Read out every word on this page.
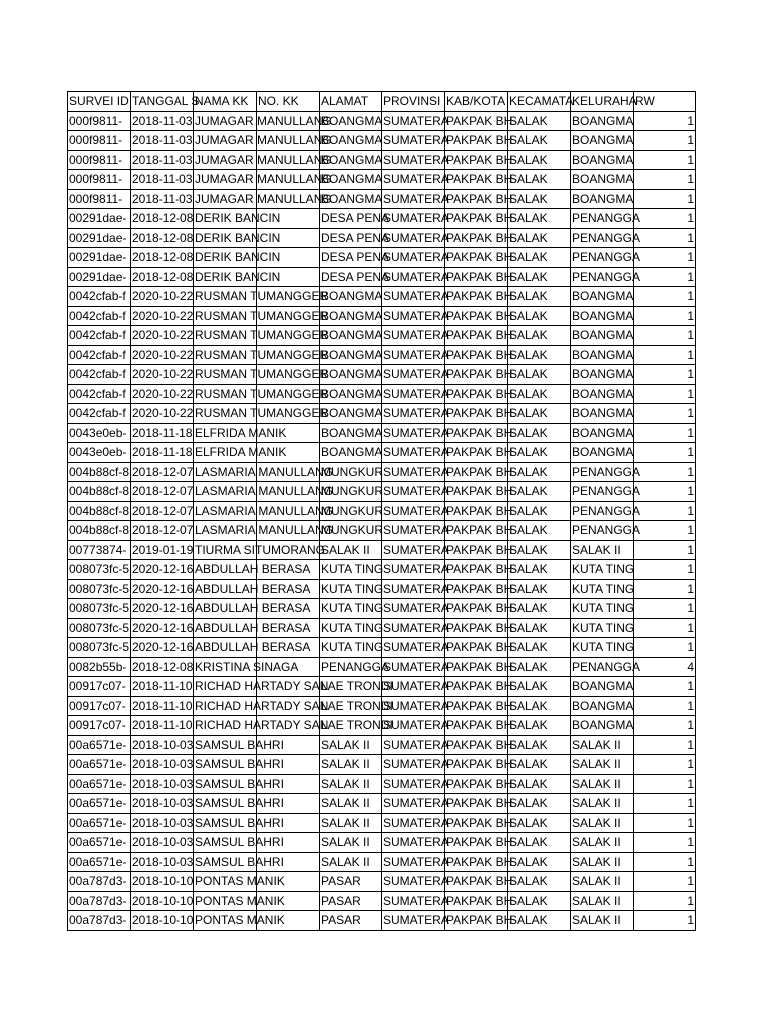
SURVEI ID	TANGGAL S	NAMA KK	NO. KK	ALAMAT	PROVINSI	KAB/KOTA	KECAMATA	KELURAHA	RW
000f9811-	2018-11-03	JUMAGAR MANULLANG		BOANGMA	SUMATERA	PAKPAK BH	SALAK	BOANGMA	1
000f9811-	2018-11-03	JUMAGAR MANULLANG		BOANGMA	SUMATERA	PAKPAK BH	SALAK	BOANGMA	1
000f9811-	2018-11-03	JUMAGAR MANULLANG		BOANGMA	SUMATERA	PAKPAK BH	SALAK	BOANGMA	1
000f9811-	2018-11-03	JUMAGAR MANULLANG		BOANGMA	SUMATERA	PAKPAK BH	SALAK	BOANGMA	1
000f9811-	2018-11-03	JUMAGAR MANULLANG		BOANGMA	SUMATERA	PAKPAK BH	SALAK	BOANGMA	1
00291dae-	2018-12-08	DERIK BANCIN		DESA PENA	SUMATERA	PAKPAK BH	SALAK	PENANGGA	1
00291dae-	2018-12-08	DERIK BANCIN		DESA PENA	SUMATERA	PAKPAK BH	SALAK	PENANGGA	1
00291dae-	2018-12-08	DERIK BANCIN		DESA PENA	SUMATERA	PAKPAK BH	SALAK	PENANGGA	1
00291dae-	2018-12-08	DERIK BANCIN		DESA PENA	SUMATERA	PAKPAK BH	SALAK	PENANGGA	1
0042cfab-f	2020-10-22	RUSMAN TUMANGGER		BOANGMA	SUMATERA	PAKPAK BH	SALAK	BOANGMA	1
0042cfab-f	2020-10-22	RUSMAN TUMANGGER		BOANGMA	SUMATERA	PAKPAK BH	SALAK	BOANGMA	1
0042cfab-f	2020-10-22	RUSMAN TUMANGGER		BOANGMA	SUMATERA	PAKPAK BH	SALAK	BOANGMA	1
0042cfab-f	2020-10-22	RUSMAN TUMANGGER		BOANGMA	SUMATERA	PAKPAK BH	SALAK	BOANGMA	1
0042cfab-f	2020-10-22	RUSMAN TUMANGGER		BOANGMA	SUMATERA	PAKPAK BH	SALAK	BOANGMA	1
0042cfab-f	2020-10-22	RUSMAN TUMANGGER		BOANGMA	SUMATERA	PAKPAK BH	SALAK	BOANGMA	1
0042cfab-f	2020-10-22	RUSMAN TUMANGGER		BOANGMA	SUMATERA	PAKPAK BH	SALAK	BOANGMA	1
0043e0eb-	2018-11-18	ELFRIDA MANIK		BOANGMA	SUMATERA	PAKPAK BH	SALAK	BOANGMA	1
0043e0eb-	2018-11-18	ELFRIDA MANIK		BOANGMA	SUMATERA	PAKPAK BH	SALAK	BOANGMA	1
004b88cf-8	2018-12-07	LASMARIA MANULLANG		MUNGKUR	SUMATERA	PAKPAK BH	SALAK	PENANGGA	1
004b88cf-8	2018-12-07	LASMARIA MANULLANG		MUNGKUR	SUMATERA	PAKPAK BH	SALAK	PENANGGA	1
004b88cf-8	2018-12-07	LASMARIA MANULLANG		MUNGKUR	SUMATERA	PAKPAK BH	SALAK	PENANGGA	1
004b88cf-8	2018-12-07	LASMARIA MANULLANG		MUNGKUR	SUMATERA	PAKPAK BH	SALAK	PENANGGA	1
00773874-	2019-01-19	TIURMA SITUMORANG		SALAK II	SUMATERA	PAKPAK BH	SALAK	SALAK II	1
008073fc-5	2020-12-16	ABDULLAH BERASA		KUTA TING	SUMATERA	PAKPAK BH	SALAK	KUTA TING	1
008073fc-5	2020-12-16	ABDULLAH BERASA		KUTA TING	SUMATERA	PAKPAK BH	SALAK	KUTA TING	1
008073fc-5	2020-12-16	ABDULLAH BERASA		KUTA TING	SUMATERA	PAKPAK BH	SALAK	KUTA TING	1
008073fc-5	2020-12-16	ABDULLAH BERASA		KUTA TING	SUMATERA	PAKPAK BH	SALAK	KUTA TING	1
008073fc-5	2020-12-16	ABDULLAH BERASA		KUTA TING	SUMATERA	PAKPAK BH	SALAK	KUTA TING	1
0082b55b-	2018-12-08	KRISTINA SINAGA		PENANGGA	SUMATERA	PAKPAK BH	SALAK	PENANGGA	4
00917c07-	2018-11-10	RICHAD HARTADY SAN		LAE TRONDI	SUMATERA	PAKPAK BH	SALAK	BOANGMA	1
00917c07-	2018-11-10	RICHAD HARTADY SAN		LAE TRONDI	SUMATERA	PAKPAK BH	SALAK	BOANGMA	1
00917c07-	2018-11-10	RICHAD HARTADY SAN		LAE TRONDI	SUMATERA	PAKPAK BH	SALAK	BOANGMA	1
00a6571e-	2018-10-03	SAMSUL BAHRI		SALAK II	SUMATERA	PAKPAK BH	SALAK	SALAK II	1
00a6571e-	2018-10-03	SAMSUL BAHRI		SALAK II	SUMATERA	PAKPAK BH	SALAK	SALAK II	1
00a6571e-	2018-10-03	SAMSUL BAHRI		SALAK II	SUMATERA	PAKPAK BH	SALAK	SALAK II	1
00a6571e-	2018-10-03	SAMSUL BAHRI		SALAK II	SUMATERA	PAKPAK BH	SALAK	SALAK II	1
00a6571e-	2018-10-03	SAMSUL BAHRI		SALAK II	SUMATERA	PAKPAK BH	SALAK	SALAK II	1
00a6571e-	2018-10-03	SAMSUL BAHRI		SALAK II	SUMATERA	PAKPAK BH	SALAK	SALAK II	1
00a6571e-	2018-10-03	SAMSUL BAHRI		SALAK II	SUMATERA	PAKPAK BH	SALAK	SALAK II	1
00a787d3-	2018-10-10	PONTAS MANIK		PASAR	SUMATERA	PAKPAK BH	SALAK	SALAK II	1
00a787d3-	2018-10-10	PONTAS MANIK		PASAR	SUMATERA	PAKPAK BH	SALAK	SALAK II	1
00a787d3-	2018-10-10	PONTAS MANIK		PASAR	SUMATERA	PAKPAK BH	SALAK	SALAK II	1
